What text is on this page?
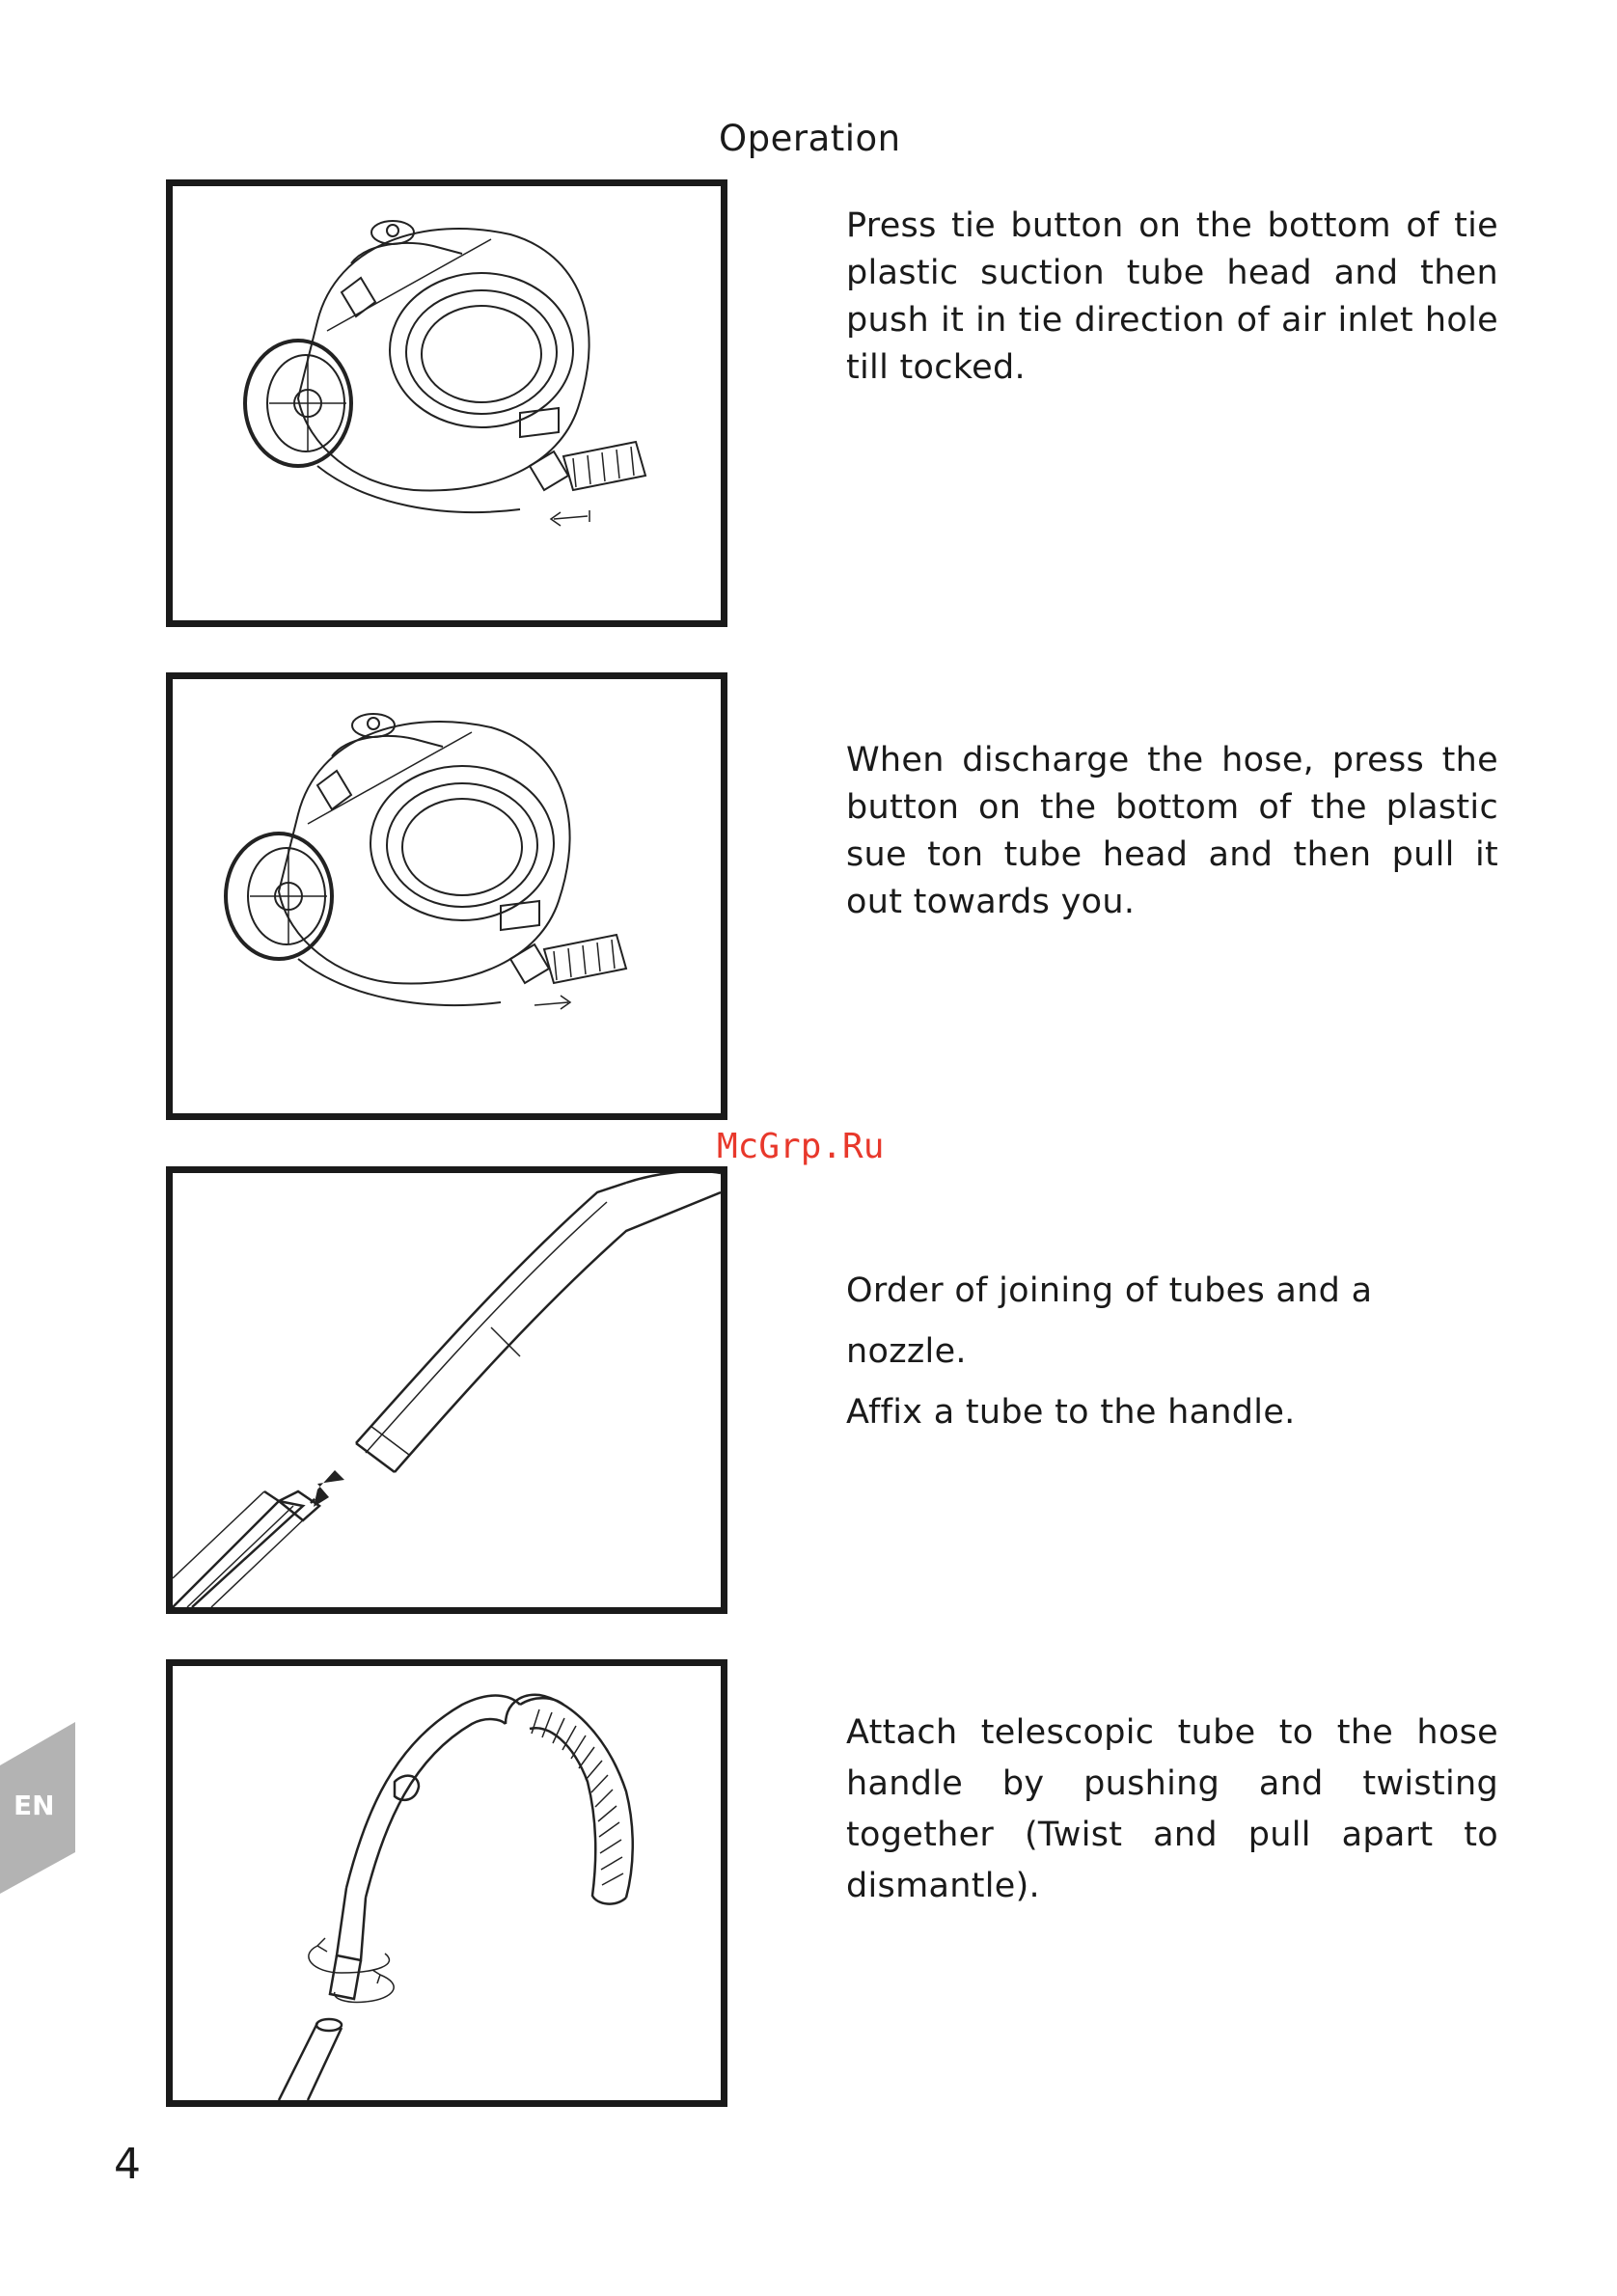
Operation
Press tie button on the bottom of tie plastic suction tube head and then push it in tie direction of air inlet hole till tocked.
When discharge the hose, press the button on the bottom of the plastic sue ton tube head and then pull it out towards you.
Order of joining of tubes and a nozzle.
Affix a tube to the handle.
Attach telescopic tube to the hose handle by pushing and twisting together (Twist and pull apart to dismantle).
McGrp.Ru
EN
4
